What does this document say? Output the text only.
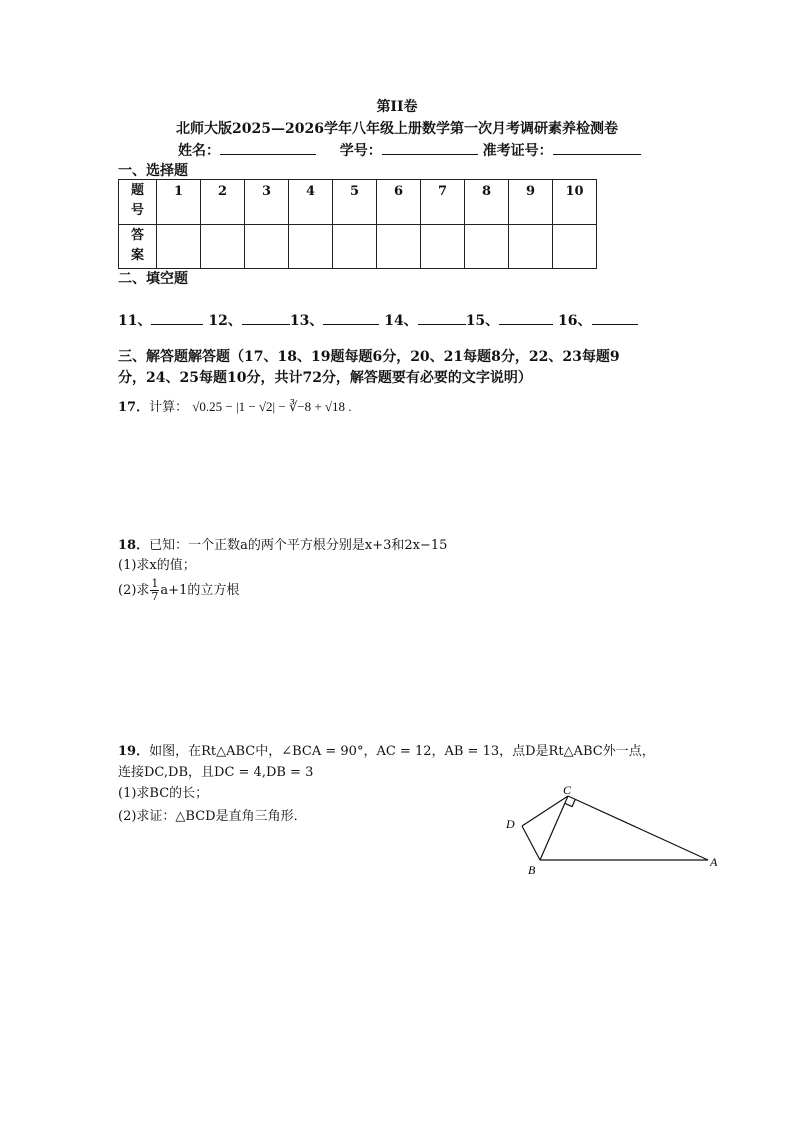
第II卷
北师大版2025—2026学年八年级上册数学第一次月考调研素养检测卷
姓名：	学号：	准考证号：
一、选择题
题号	1	2	3	4	5	6	7	8	9	10

答案										

二、填空题
11、	12、	13、	14、	15、	16、
三、解答题解答题（17、18、19题每题6分，20、21每题8分，22、23每题9
分，24、25每题10分，共计72分，解答题要有必要的文字说明）
17．计算： √0.25 − |1 − √2| − ∛−8 + √18 .
18．已知：一个正数a的两个平方根分别是x+3和2x−15
(1)求x的值；
(2)求 $\frac{1}{7} a+1$的立方根
19．如图，在Rt△ABC中，∠BCA = 90°，AC = 12，AB = 13，点D是Rt△ABC外一点，
连接DC,DB，且DC = 4,DB = 3
(1)求BC的长；
(2)求证：△BCD是直角三角形．
C
D
B
A
